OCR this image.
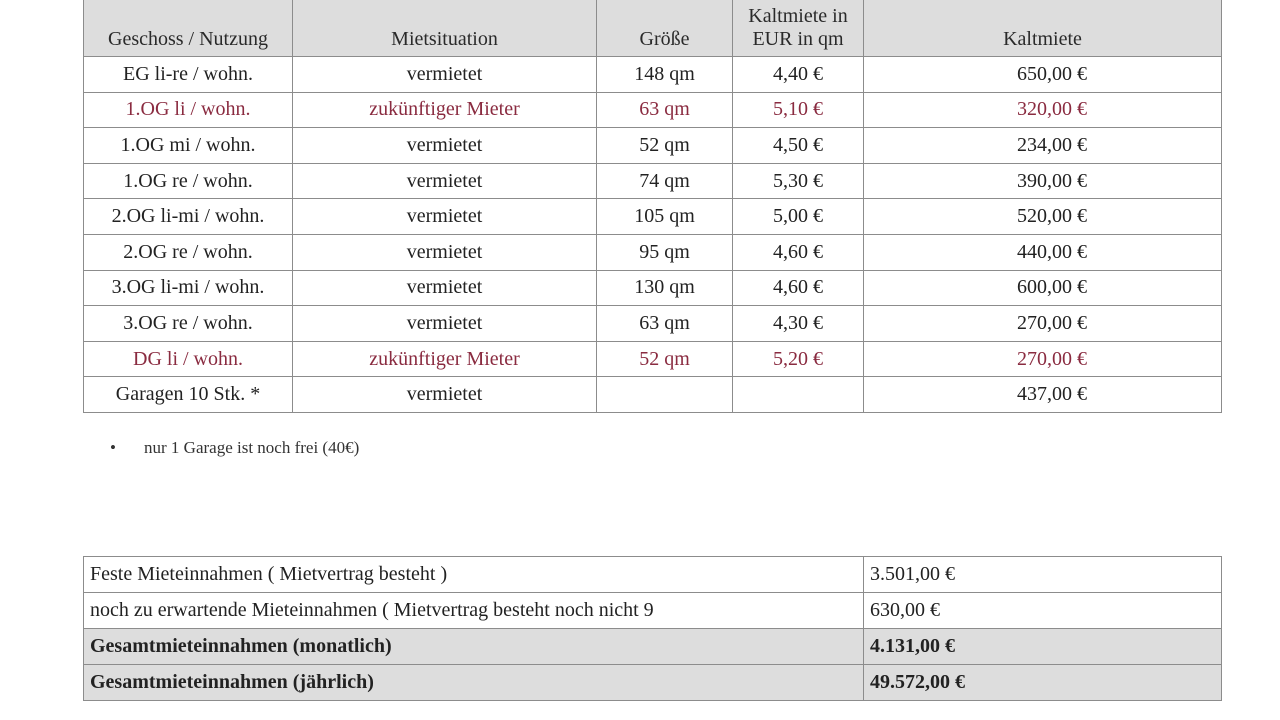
Geschoss / Nutzung	Mietsituation	Größe	Kaltmiete in EUR in qm	Kaltmiete
EG li-re / wohn.	vermietet	148 qm	4,40 €	650,00 €
1.OG li / wohn.	zukünftiger Mieter	63 qm	5,10 €	320,00 €
1.OG mi / wohn.	vermietet	52 qm	4,50 €	234,00 €
1.OG re / wohn.	vermietet	74 qm	5,30 €	390,00 €
2.OG li-mi / wohn.	vermietet	105 qm	5,00 €	520,00 €
2.OG re / wohn.	vermietet	95 qm	4,60 €	440,00 €
3.OG li-mi / wohn.	vermietet	130 qm	4,60 €	600,00 €
3.OG re / wohn.	vermietet	63 qm	4,30 €	270,00 €
DG li / wohn.	zukünftiger Mieter	52 qm	5,20 €	270,00 €
Garagen 10 Stk. *	vermietet			437,00 €
• nur 1 Garage ist noch frei (40€)
Feste Mieteinnahmen ( Mietvertrag besteht )	3.501,00 €
noch zu erwartende Mieteinnahmen ( Mietvertrag besteht noch nicht 9	630,00 €
Gesamtmieteinnahmen (monatlich)	4.131,00 €
Gesamtmieteinnahmen (jährlich)	49.572,00 €
